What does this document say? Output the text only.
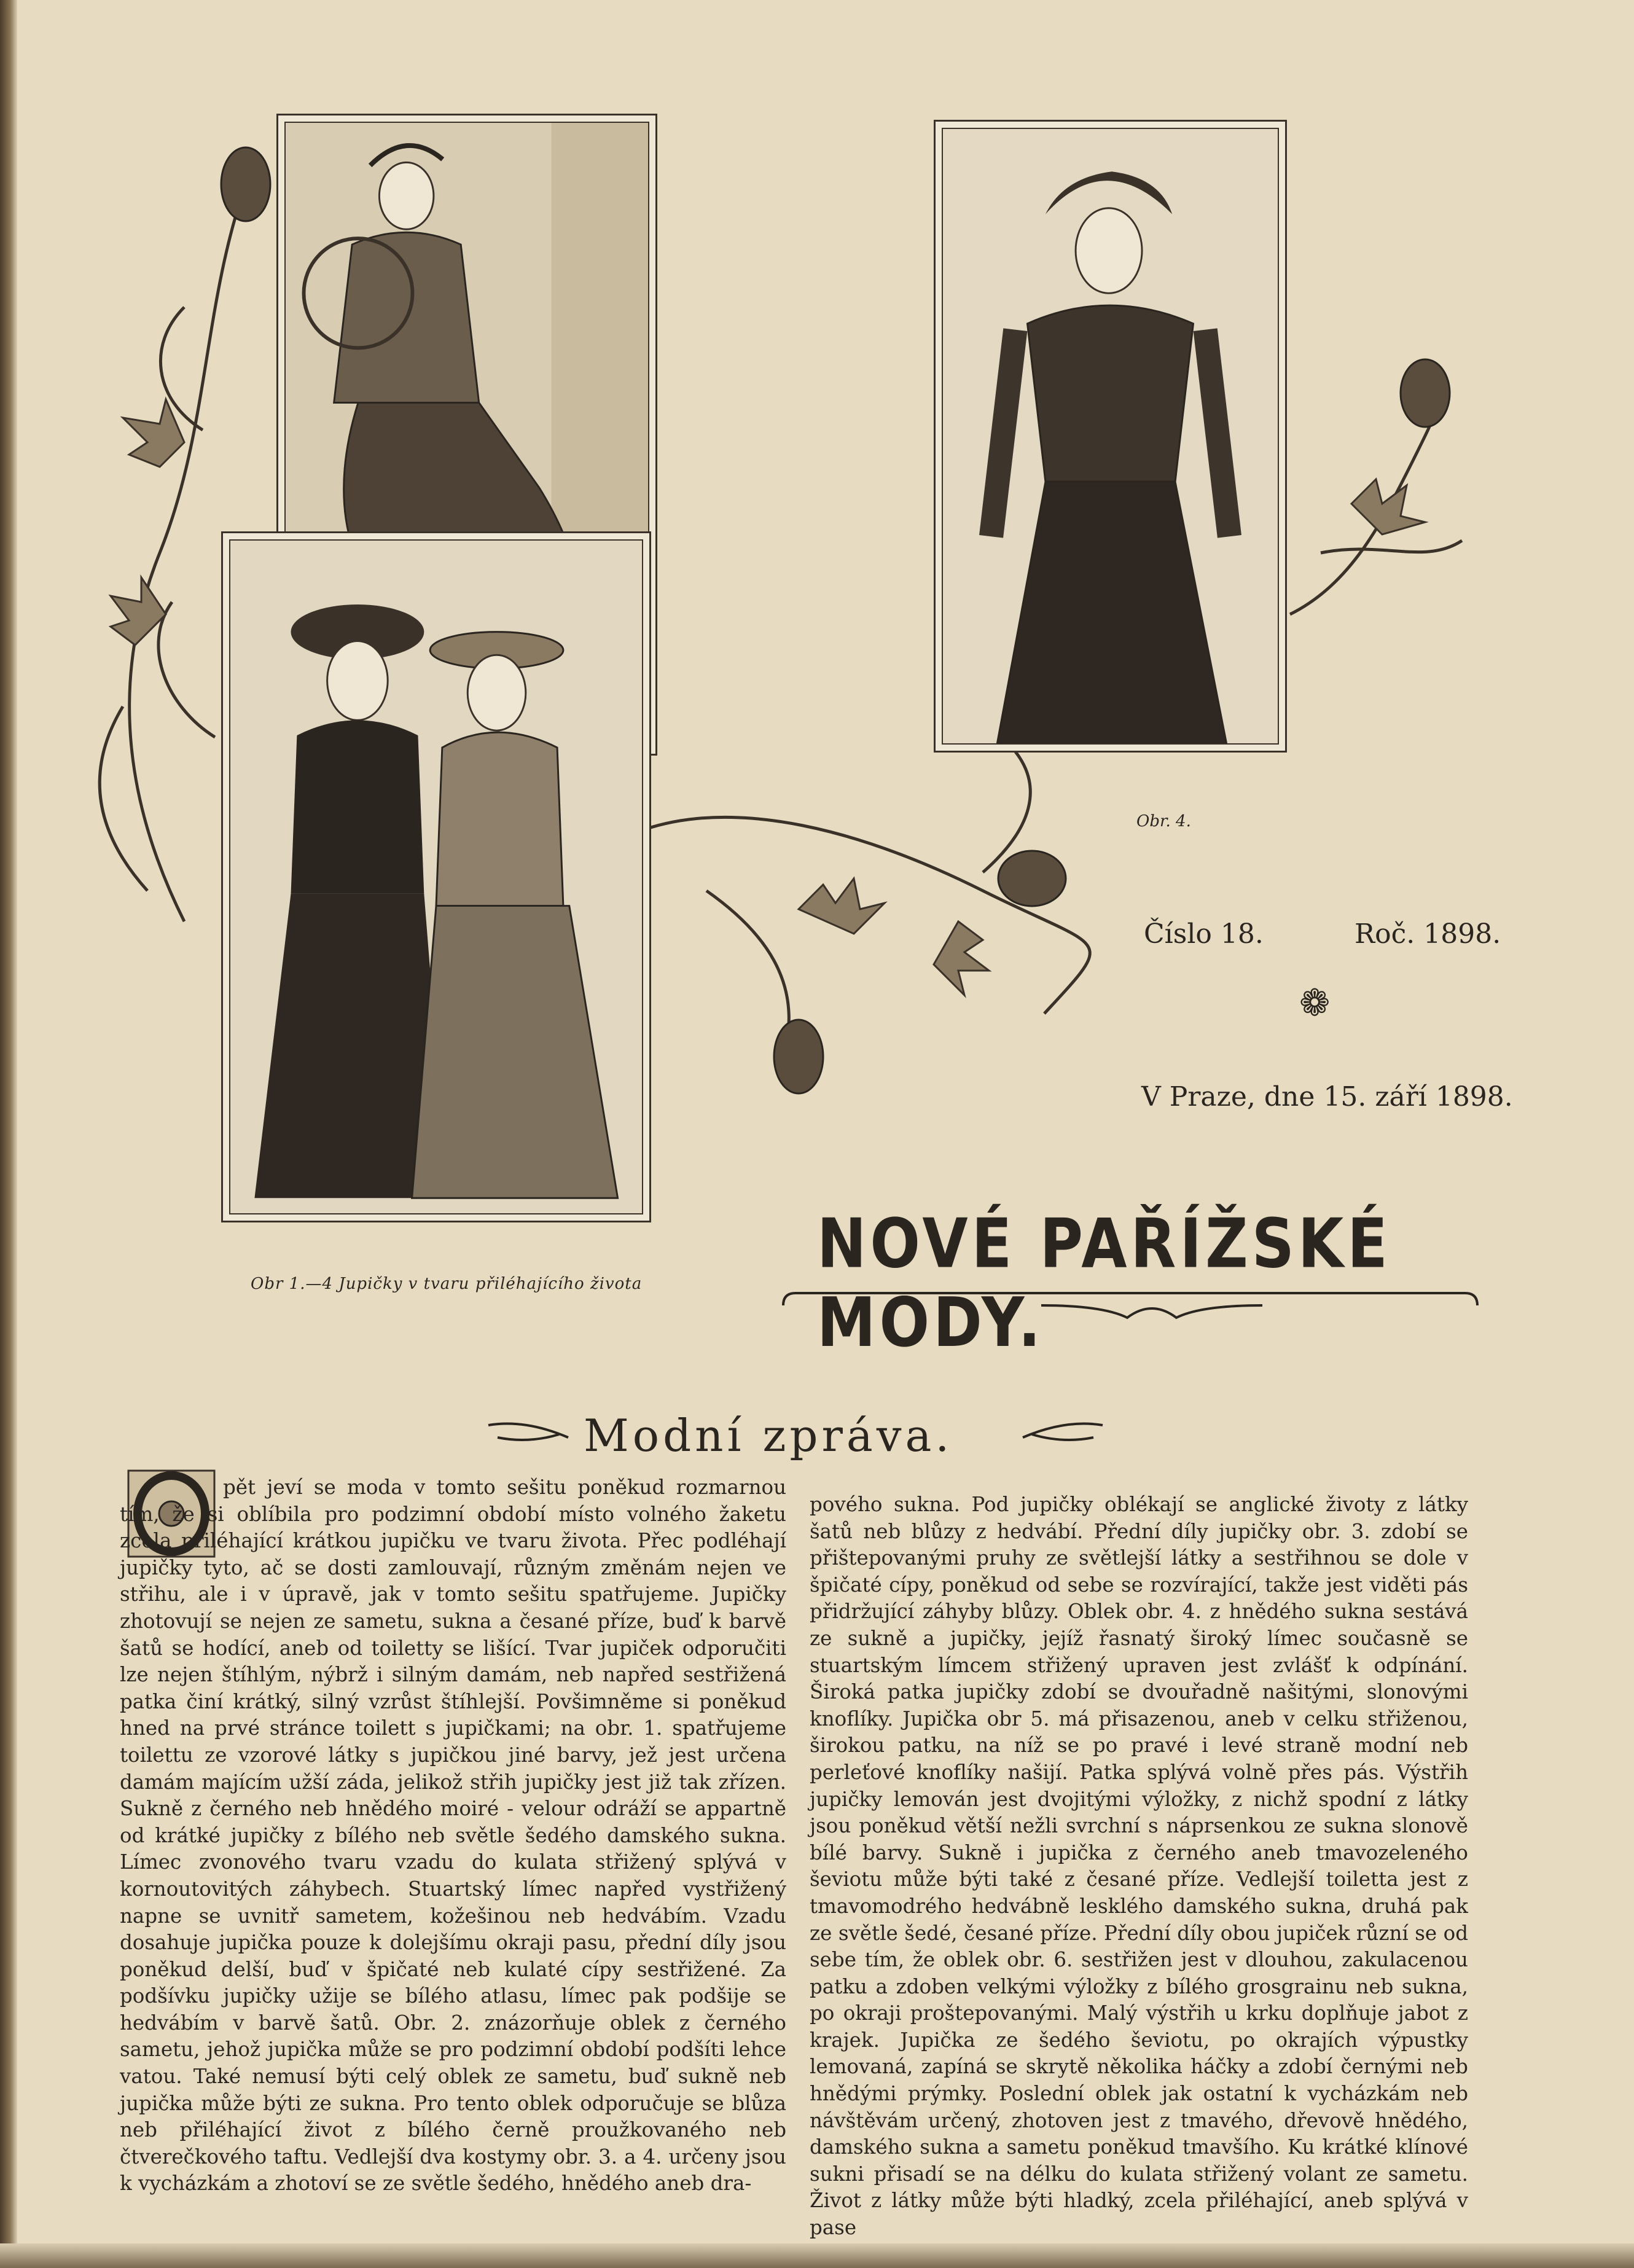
Obr. 4.
Obr 1.—4 Jupičky v tvaru přiléhajícího života
Číslo 18.	Roč. 1898.
❁
V Praze, dne 15. září 1898.
NOVÉ PAŘÍŽSKÉ MODY.
Modní zpráva.

pět jeví se moda v tomto sešitu poněkud rozmarnou tím, že si oblíbila pro podzimní období místo volného žaketu zcela přiléhající krátkou jupičku ve tvaru života. Přec podléhají jupičky tyto, ač se dosti zamlouvají, různým změnám nejen ve střihu, ale i v úpravě, jak v tomto sešitu spatřujeme. Jupičky zhotovují se nejen ze sametu, sukna a česané příze, buď k barvě šatů se hodící, aneb od toiletty se lišící. Tvar jupiček odporučiti lze nejen štíhlým, nýbrž i silným damám, neb napřed sestřižená patka činí krátký, silný vzrůst štíhlejší. Povšimněme si poněkud hned na prvé stránce toilett s jupičkami; na obr. 1. spatřujeme toilettu ze vzorové látky s jupičkou jiné barvy, jež jest určena damám majícím užší záda, jelikož střih jupičky jest již tak zřízen. Sukně z černého neb hnědého moiré - velour odráží se appartně od krátké jupičky z bílého neb světle šedého damského sukna. Límec zvonového tvaru vzadu do kulata střižený splývá v kornoutovitých záhybech. Stuartský límec napřed vystřižený napne se uvnitř sametem, kožešinou neb hedvábím. Vzadu dosahuje jupička pouze k dolejšímu okraji pasu, přední díly jsou poněkud delší, buď v špičaté neb kulaté cípy sestřižené. Za podšívku jupičky užije se bílého atlasu, límec pak podšije se hedvábím v barvě šatů. Obr. 2. znázorňuje oblek z černého sametu, jehož jupička může se pro podzimní období podšíti lehce vatou. Také nemusí býti celý oblek ze sametu, buď sukně neb jupička může býti ze sukna. Pro tento oblek odporučuje se blůza neb přiléhající život z bílého černě proužkovaného neb čtverečkového taftu. Vedlejší dva kostymy obr. 3. a 4. určeny jsou k vycházkám a zhotoví se ze světle šedého, hnědého aneb dra-

pového sukna. Pod jupičky oblékají se anglické životy z látky šatů neb blůzy z hedvábí. Přední díly jupičky obr. 3. zdobí se přištepovanými pruhy ze světlejší látky a sestřihnou se dole v špičaté cípy, poněkud od sebe se rozvírající, takže jest viděti pás přidržující záhyby blůzy. Oblek obr. 4. z hnědého sukna sestává ze sukně a jupičky, jejíž řasnatý široký límec současně se stuartským límcem střižený upraven jest zvlášť k odpínání. Široká patka jupičky zdobí se dvouřadně našitými, slonovými knoflíky. Jupička obr 5. má přisazenou, aneb v celku střiženou, širokou patku, na níž se po pravé i levé straně modní neb perleťové knoflíky našijí. Patka splývá volně přes pás. Výstřih jupičky lemován jest dvojitými výložky, z nichž spodní z látky jsou poněkud větší nežli svrchní s náprsenkou ze sukna slonově bílé barvy. Sukně i jupička z černého aneb tmavozeleného ševiotu může býti také z česané příze. Vedlejší toiletta jest z tmavomodrého hedvábně lesklého damského sukna, druhá pak ze světle šedé, česané příze. Přední díly obou jupiček různí se od sebe tím, že oblek obr. 6. sestřižen jest v dlouhou, zakulacenou patku a zdoben velkými výložky z bílého grosgrainu neb sukna, po okraji proštepovanými. Malý výstřih u krku doplňuje jabot z krajek. Jupička ze šedého ševiotu, po okrajích výpustky lemovaná, zapíná se skrytě několika háčky a zdobí černými neb hnědými prýmky. Poslední oblek jak ostatní k vycházkám neb návštěvám určený, zhotoven jest z tmavého, dřevově hnědého, damského sukna a sametu poněkud tmavšího. Ku krátké klínové sukni přisadí se na délku do kulata střižený volant ze sametu. Život z látky může býti hladký, zcela přiléhající, aneb splývá v pase
